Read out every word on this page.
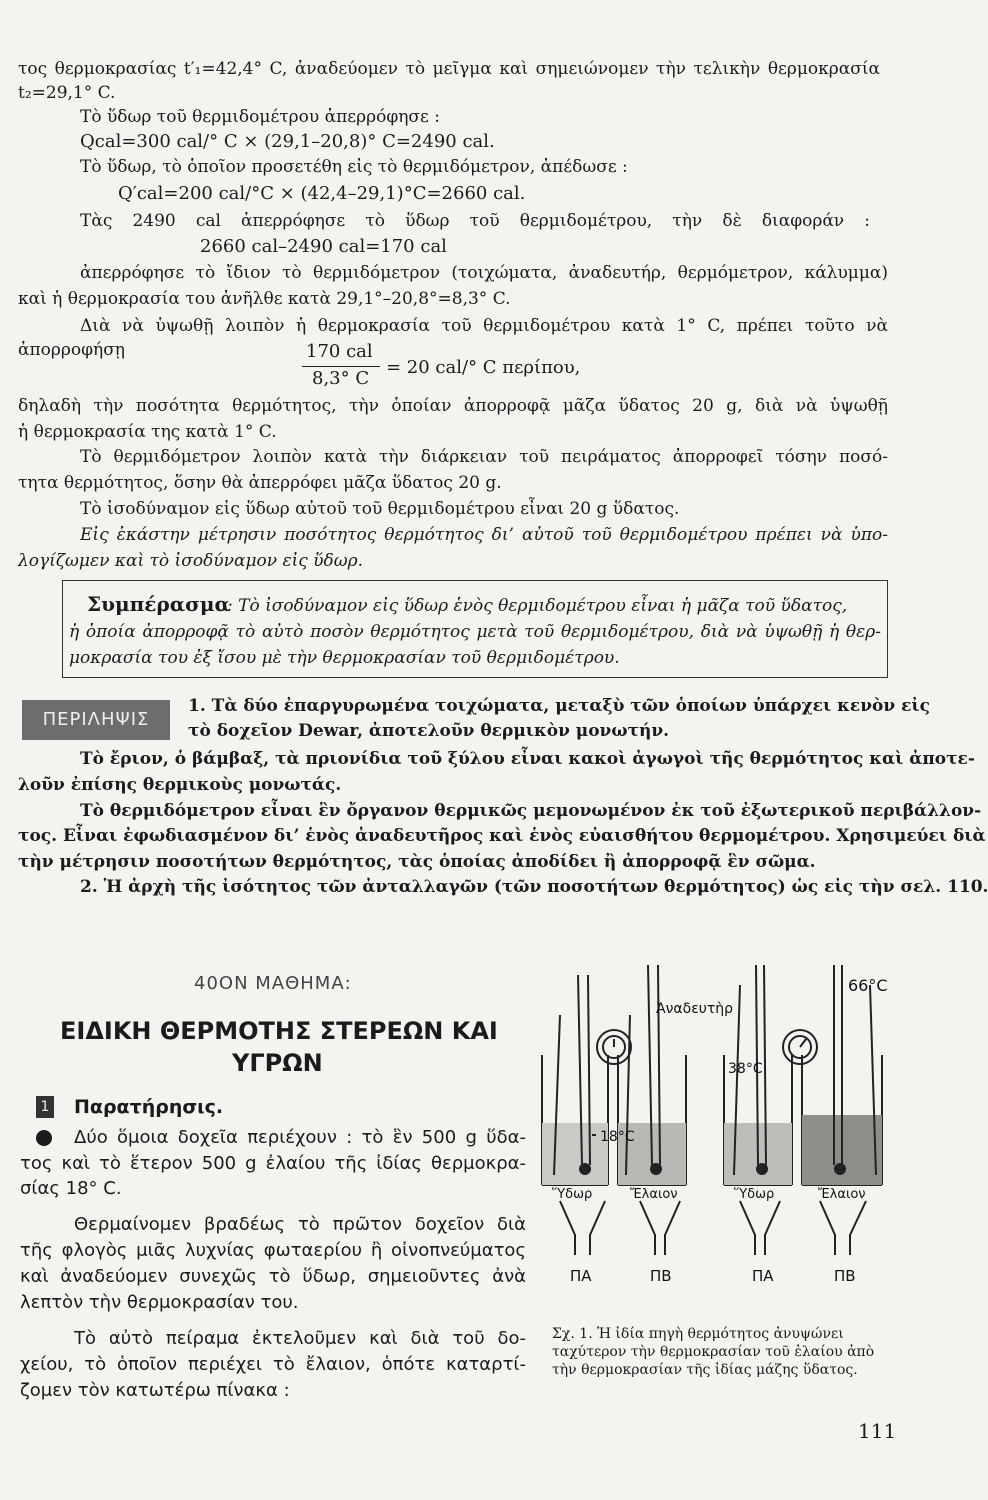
τος θερμοκρασίας t′₁=42,4° C, ἀναδεύομεν τὸ μεῖγμα καὶ σημειώνομεν τὴν τελικὴν θερμοκρασία
t₂=29,1° C.
Τὸ ὕδωρ τοῦ θερμιδομέτρου ἀπερρόφησε :
Qcal=300 cal/° C × (29,1–20,8)° C=2490 cal.
Τὸ ὕδωρ, τὸ ὁποῖον προσετέθη εἰς τὸ θερμιδόμετρον, ἀπέδωσε :
Q′cal=200 cal/°C × (42,4–29,1)°C=2660 cal.
Τὰς 2490 cal ἀπερρόφησε τὸ ὕδωρ τοῦ θερμιδομέτρου, τὴν δὲ διαφοράν :
2660 cal–2490 cal=170 cal
ἀπερρόφησε τὸ ἴδιον τὸ θερμιδόμετρον (τοιχώματα, ἀναδευτήρ, θερμόμετρον, κάλυμμα)
καὶ ἡ θερμοκρασία του ἀνῆλθε κατὰ 29,1°–20,8°=8,3° C.
Διὰ νὰ ὑψωθῇ λοιπὸν ἡ θερμοκρασία τοῦ θερμιδομέτρου κατὰ 1° C, πρέπει τοῦτο νὰ
ἀπορροφήσῃ	170 cal
8,3° C
= 20 cal/° C περίπου,
δηλαδὴ τὴν ποσότητα θερμότητος, τὴν ὁποίαν ἀπορροφᾷ μᾶζα ὕδατος 20 g, διὰ νὰ ὑψωθῇ
ἡ θερμοκρασία της κατὰ 1° C.
Τὸ θερμιδόμετρον λοιπὸν κατὰ τὴν διάρκειαν τοῦ πειράματος ἀπορροφεῖ τόσην ποσό-
τητα θερμότητος, ὅσην θὰ ἀπερρόφει μᾶζα ὕδατος 20 g.
Τὸ ἰσοδύναμον εἰς ὕδωρ αὐτοῦ τοῦ θερμιδομέτρου εἶναι 20 g ὕδατος.
Εἰς ἑκάστην μέτρησιν ποσότητος θερμότητος δι’ αὐτοῦ τοῦ θερμιδομέτρου πρέπει νὰ ὑπο-
λογίζωμεν καὶ τὸ ἰσοδύναμον εἰς ὕδωρ.
Συμπέρασμα
: Τὸ ἰσοδύναμον εἰς ὕδωρ ἑνὸς θερμιδομέτρου εἶναι ἡ μᾶζα τοῦ ὕδατος,
ἡ ὁποία ἀπορροφᾷ τὸ αὐτὸ ποσὸν θερμότητος μετὰ τοῦ θερμιδομέτρου, διὰ νὰ ὑψωθῇ ἡ θερ-
μοκρασία του ἐξ ἴσου μὲ τὴν θερμοκρασίαν τοῦ θερμιδομέτρου.
ΠΕΡΙΛΗΨΙΣ
1. Τὰ δύο ἐπαργυρωμένα τοιχώματα, μεταξὺ τῶν ὁποίων ὑπάρχει κενὸν εἰς
τὸ δοχεῖον Dewar, ἀποτελοῦν θερμικὸν μονωτήν.
Τὸ ἔριον, ὁ βάμβαξ, τὰ πριονίδια τοῦ ξύλου εἶναι κακοὶ ἀγωγοὶ τῆς θερμότητος καὶ ἀποτε-
λοῦν ἐπίσης θερμικοὺς μονωτάς.
Τὸ θερμιδόμετρον εἶναι ἓν ὄργανον θερμικῶς μεμονωμένον ἐκ τοῦ ἐξωτερικοῦ περιβάλλον-
τος. Εἶναι ἐφωδιασμένον δι’ ἑνὸς ἀναδευτῆρος καὶ ἑνὸς εὐαισθήτου θερμομέτρου. Χρησιμεύει διὰ
τὴν μέτρησιν ποσοτήτων θερμότητος, τὰς ὁποίας ἀποδίδει ἢ ἀπορροφᾷ ἓν σῶμα.
2. Ἡ ἀρχὴ τῆς ἰσότητος τῶν ἀνταλλαγῶν (τῶν ποσοτήτων θερμότητος) ὡς εἰς τὴν σελ. 110.
40ΟΝ ΜΑΘΗΜΑ:
ΕΙΔΙΚΗ ΘΕΡΜΟΤΗΣ ΣΤΕΡΕΩΝ ΚΑΙ
ΥΓΡΩΝ
1 Παρατήρησις.
Δύο ὅμοια δοχεῖα περιέχουν : τὸ ἓν 500 g ὕδα-
τος καὶ τὸ ἕτερον 500 g ἐλαίου τῆς ἰδίας θερμοκρα-
σίας 18° C.
Θερμαίνομεν βραδέως τὸ πρῶτον δοχεῖον διὰ
τῆς φλογὸς μιᾶς λυχνίας φωταερίου ἢ οἰνοπνεύματος
καὶ ἀναδεύομεν συνεχῶς τὸ ὕδωρ, σημειοῦντες ἀνὰ
λεπτὸν τὴν θερμοκρασίαν του.
Τὸ αὐτὸ πείραμα ἐκτελοῦμεν καὶ διὰ τοῦ δο-
χείου, τὸ ὁποῖον περιέχει τὸ ἔλαιον, ὁπότε καταρτί-
ζομεν τὸν κατωτέρω πίνακα :
Ἀναδευτὴρ
18°C
38°C
66°C
Ὕδωρ	Ἔλαιον	Ὕδωρ	Ἔλαιον
ΠA	ΠB	ΠA	ΠB
Σχ. 1. Ἡ ἰδία πηγὴ θερμότητος ἀνυψώνει
ταχύτερον τὴν θερμοκρασίαν τοῦ ἐλαίου ἀπὸ
τὴν θερμοκρασίαν τῆς ἰδίας μάζης ὕδατος.
111
